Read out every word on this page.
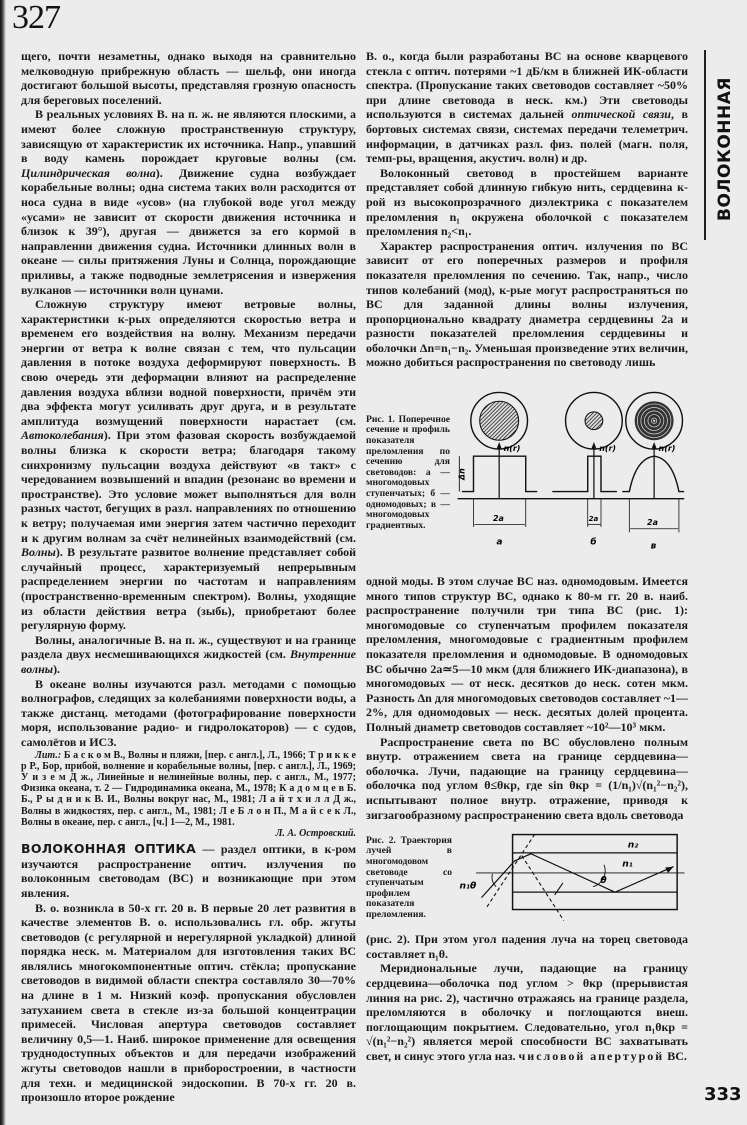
327

щего, почти незаметны, однако выходя на сравнительно мелководную прибрежную область — шельф, они иногда достигают большой высоты, представляя грозную опасность для береговых поселений.

В реальных условиях В. на п. ж. не являются плоскими, а имеют более сложную пространственную структуру, зависящую от характеристик их источника. Напр., упавший в воду камень порождает круговые волны (см. Цилиндрическая волна). Движение судна возбуждает корабельные волны; одна система таких волн расходится от носа судна в виде «усов» (на глубокой воде угол между «усами» не зависит от скорости движения источника и близок к 39°), другая — движется за его кормой в направлении движения судна. Источники длинных волн в океане — силы притяжения Луны и Солнца, порождающие приливы, а также подводные землетрясения и извержения вулканов — источники волн цунами.

Сложную структуру имеют ветровые волны, характеристики к-рых определяются скоростью ветра и временем его воздействия на волну. Механизм передачи энергии от ветра к волне связан с тем, что пульсации давления в потоке воздуха деформируют поверхность. В свою очередь эти деформации влияют на распределение давления воздуха вблизи водной поверхности, причём эти два эффекта могут усиливать друг друга, и в результате амплитуда возмущений поверхности нарастает (см. Автоколебания). При этом фазовая скорость возбуждаемой волны близка к скорости ветра; благодаря такому синхронизму пульсации воздуха действуют «в такт» с чередованием возвышений и впадин (резонанс во времени и пространстве). Это условие может выполняться для волн разных частот, бегущих в разл. направлениях по отношению к ветру; получаемая ими энергия затем частично переходит и к другим волнам за счёт нелинейных взаимодействий (см. Волны). В результате развитое волнение представляет собой случайный процесс, характеризуемый непрерывным распределением энергии по частотам и направлениям (пространственно-временным спектром). Волны, уходящие из области действия ветра (зыбь), приобретают более регулярную форму.

Волны, аналогичные В. на п. ж., существуют и на границе раздела двух несмешивающихся жидкостей (см. Внутренние волны).

В океане волны изучаются разл. методами с помощью волнографов, следящих за колебаниями поверхности воды, а также дистанц. методами (фотографирование поверхности моря, использование радио- и гидролокаторов) — с судов, самолётов и ИСЗ.

Лит.: Б а с к о м В., Волны и пляжи, [пер. с англ.], Л., 1966; Т р и к к е р Р., Бор, прибой, волнение и корабельные волны, [пер. с англ.], Л., 1969; У и з е м Д ж., Линейные и нелинейные волны, пер. с англ., М., 1977; Физика океана, т. 2 — Гидродинамика океана, М., 1978; К а д о м ц е в Б. Б., Р ы д н и к В. И., Волны вокруг нас, М., 1981; Л а й т х и л л Д ж., Волны в жидкостях, пер. с англ., М., 1981; Л е Б л о н П., М а й с е к Л., Волны в океане, пер. с англ., [ч.] 1—2, М., 1981.
Л. А. Островский.

ВОЛОКОННАЯ ОПТИКА — раздел оптики, в к-ром изучаются распространение оптич. излучения по волоконным световодам (ВС) и возникающие при этом явления.

В. о. возникла в 50-х гг. 20 в. В первые 20 лет развития в качестве элементов В. о. использовались гл. обр. жгуты световодов (с регулярной и нерегулярной укладкой) длиной порядка неск. м. Материалом для изготовления таких ВС являлись многокомпонентные оптич. стёкла; пропускание световодов в видимой области спектра составляло 30—70% на длине в 1 м. Низкий коэф. пропускания обусловлен затуханием света в стекле из-за большой концентрации примесей. Числовая апертура световодов составляет величину 0,5—1. Наиб. широкое применение для освещения труднодоступных объектов и для передачи изображений жгуты световодов нашли в приборостроении, в частности для техн. и медицинской эндоскопии. В 70-х гг. 20 в. произошло второе рождение

В. о., когда были разработаны ВС на основе кварцевого стекла с оптич. потерями ~1 дБ/км в ближней ИК-области спектра. (Пропускание таких световодов составляет ~50% при длине световода в неск. км.) Эти световоды используются в системах дальней оптической связи, в бортовых системах связи, системах передачи телеметрич. информации, в датчиках разл. физ. полей (магн. поля, темп-ры, вращения, акустич. волн) и др.

Волоконный световод в простейшем варианте представляет собой длинную гибкую нить, сердцевина к-рой из высокопрозрачного диэлектрика с показателем преломления n₁ окружена оболочкой с показателем преломления n₂<n₁.

Характер распространения оптич. излучения по ВС зависит от его поперечных размеров и профиля показателя преломления по сечению. Так, напр., число типов колебаний (мод), к-рые могут распространяться по ВС для заданной длины волны излучения, пропорционально квадрату диаметра сердцевины 2a и разности показателей преломления сердцевины и оболочки Δn=n₁−n₂. Уменьшая произведение этих величин, можно добиться распространения по световоду лишь

Рис. 1. Поперечное сечение и профиль показателя преломления по сечению для световодов: а — многомодовых ступенчатых; б — одномодовых; в — многомодовых градиентных.
n(r)
Δn
2a
а
n(r)
2a
б
n(r)
2a
в

одной моды. В этом случае ВС наз. одномодовым. Имеется много типов структур ВС, однако к 80-м гг. 20 в. наиб. распространение получили три типа ВС (рис. 1): многомодовые со ступенчатым профилем показателя преломления, многомодовые с градиентным профилем показателя преломления и одномодовые. В одномодовых ВС обычно 2a≃5—10 мкм (для ближнего ИК-диапазона), в многомодовых — от неск. десятков до неск. сотен мкм. Разность Δn для многомодовых световодов составляет ~1—2%, для одномодовых — неск. десятых долей процента. Полный диаметр световодов составляет ~10²—10³ мкм.

Распространение света по ВС обусловлено полным внутр. отражением света на границе сердцевина—оболочка. Лучи, падающие на границу сердцевина—оболочка под углом θ≤θкр, где sin θкр = (1/n₁)√(n₁²−n₂²), испытывают полное внутр. отражение, приводя к зигзагообразному распространению света вдоль световода

Рис. 2. Траектория лучей в многомодовом световоде со ступенчатым профилем показателя преломления.
n₂
n₁
θ
n₁θ

(рис. 2). При этом угол падения луча на торец световода составляет n₁θ.

Меридиональные лучи, падающие на границу сердцевина—оболочка под углом > θкр (прерывистая линия на рис. 2), частично отражаясь на границе раздела, преломляются в оболочку и поглощаются внеш. поглощающим покрытием. Следовательно, угол n₁θкр = √(n₁²−n₂²) является мерой способности ВС захватывать свет, и синус этого угла наз. числовой апертурой ВС.

ВОЛОКОННАЯ
333
